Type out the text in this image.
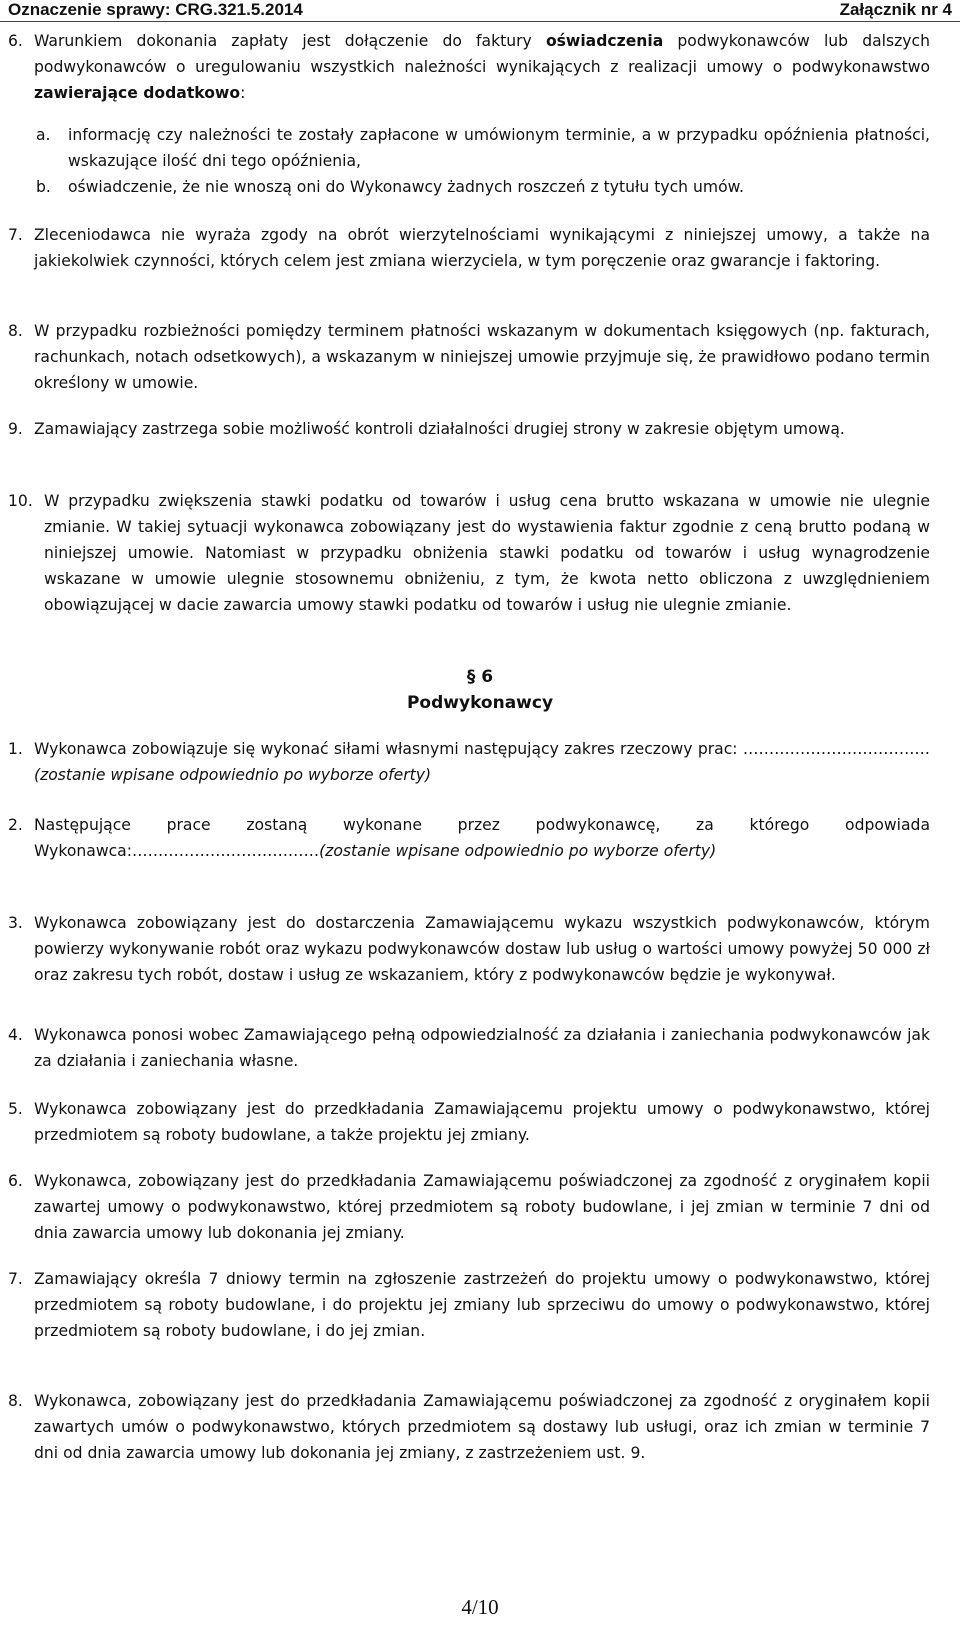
Oznaczenie sprawy: CRG.321.5.2014	Załącznik nr 4
6. Warunkiem dokonania zapłaty jest dołączenie do faktury oświadczenia podwykonawców lub dalszych podwykonawców o uregulowaniu wszystkich należności wynikających z realizacji umowy o podwykonawstwo zawierające dodatkowo:
a. informację czy należności te zostały zapłacone w umówionym terminie, a w przypadku opóźnienia płatności, wskazujące ilość dni tego opóźnienia,
b. oświadczenie, że nie wnoszą oni do Wykonawcy żadnych roszczeń z tytułu tych umów.
7. Zleceniodawca nie wyraża zgody na obrót wierzytelnościami wynikającymi z niniejszej umowy, a także na jakiekolwiek czynności, których celem jest zmiana wierzyciela, w tym poręczenie oraz gwarancje i faktoring.
8. W przypadku rozbieżności pomiędzy terminem płatności wskazanym w dokumentach księgowych (np. fakturach, rachunkach, notach odsetkowych), a wskazanym w niniejszej umowie przyjmuje się, że prawidłowo podano termin określony w umowie.
9. Zamawiający zastrzega sobie możliwość kontroli działalności drugiej strony w zakresie objętym umową.
10. W przypadku zwiększenia stawki podatku od towarów i usług cena brutto wskazana w umowie nie ulegnie zmianie. W takiej sytuacji wykonawca zobowiązany jest do wystawienia faktur zgodnie z ceną brutto podaną w niniejszej umowie. Natomiast w przypadku obniżenia stawki podatku od towarów i usług wynagrodzenie wskazane w umowie ulegnie stosownemu obniżeniu, z tym, że kwota netto obliczona z uwzględnieniem obowiązującej w dacie zawarcia umowy stawki podatku od towarów i usług nie ulegnie zmianie.
§ 6
Podwykonawcy
1. Wykonawca zobowiązuje się wykonać siłami własnymi następujący zakres rzeczowy prac: ………………………………(zostanie wpisane odpowiednio po wyborze oferty)
2. Następujące prace zostaną wykonane przez podwykonawcę, za którego odpowiada Wykonawca:………………………………(zostanie wpisane odpowiednio po wyborze oferty)
3. Wykonawca zobowiązany jest do dostarczenia Zamawiającemu wykazu wszystkich podwykonawców, którym powierzy wykonywanie robót oraz wykazu podwykonawców dostaw lub usług o wartości umowy powyżej 50 000 zł oraz zakresu tych robót, dostaw i usług ze wskazaniem, który z podwykonawców będzie je wykonywał.
4. Wykonawca ponosi wobec Zamawiającego pełną odpowiedzialność za działania i zaniechania podwykonawców jak za działania i zaniechania własne.
5. Wykonawca zobowiązany jest do przedkładania Zamawiającemu projektu umowy o podwykonawstwo, której przedmiotem są roboty budowlane, a także projektu jej zmiany.
6. Wykonawca, zobowiązany jest do przedkładania Zamawiającemu poświadczonej za zgodność z oryginałem kopii zawartej umowy o podwykonawstwo, której przedmiotem są roboty budowlane, i jej zmian w terminie 7 dni od dnia zawarcia umowy lub dokonania jej zmiany.
7. Zamawiający określa 7 dniowy termin na zgłoszenie zastrzeżeń do projektu umowy o podwykonawstwo, której przedmiotem są roboty budowlane, i do projektu jej zmiany lub sprzeciwu do umowy o podwykonawstwo, której przedmiotem są roboty budowlane, i do jej zmian.
8. Wykonawca, zobowiązany jest do przedkładania Zamawiającemu poświadczonej za zgodność z oryginałem kopii zawartych umów o podwykonawstwo, których przedmiotem są dostawy lub usługi, oraz ich zmian w terminie 7 dni od dnia zawarcia umowy lub dokonania jej zmiany, z zastrzeżeniem ust. 9.
4/10
